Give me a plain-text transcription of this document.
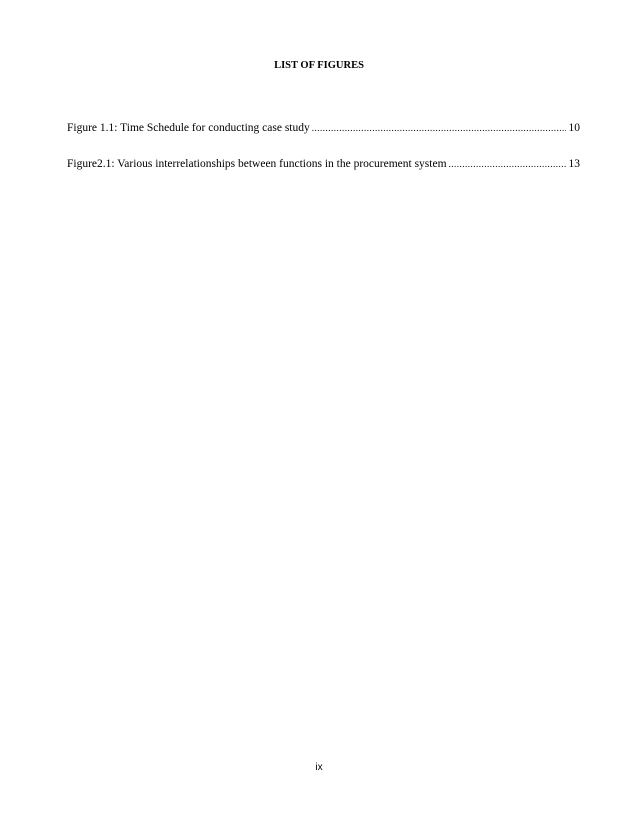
LIST OF FIGURES
Figure 1.1: Time Schedule for conducting case study .....	10
Figure2.1: Various interrelationships between functions in the procurement system .....	13
ix
